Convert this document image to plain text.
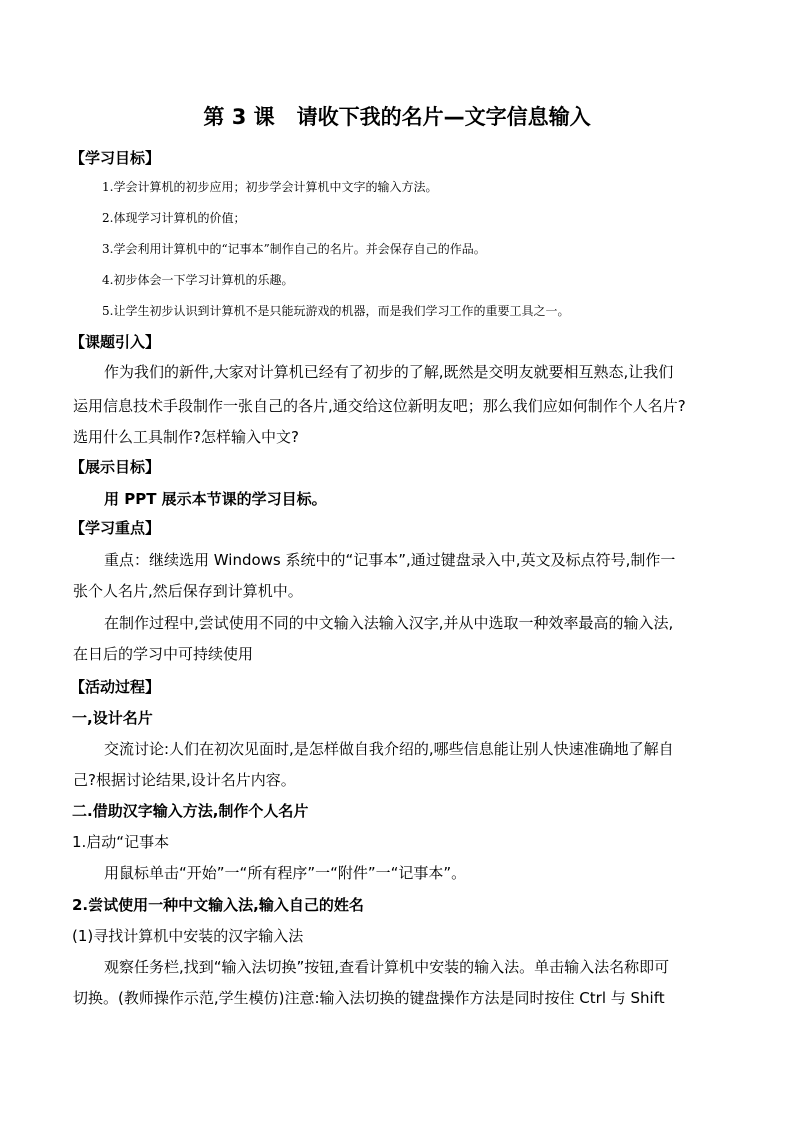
第 3 课   请收下我的名片—文字信息输入
【学习目标】
1.学会计算机的初步应用；初步学会计算机中文字的输入方法。
2.体现学习计算机的价值；
3.学会利用计算机中的“记事本”制作自己的名片。并会保存自己的作品。
4.初步体会一下学习计算机的乐趣。
5.让学生初步认识到计算机不是只能玩游戏的机器，而是我们学习工作的重要工具之一。
【课题引入】
作为我们的新件,大家对计算机已经有了初步的了解,既然是交明友就要相互熟态,让我们
运用信息技术手段制作一张自己的各片,通交给这位新明友吧；那么我们应如何制作个人名片?
选用什么工具制作?怎样输入中文?
【展示目标】
用 PPT 展示本节课的学习目标。
【学习重点】
重点：继续选用 Windows 系统中的“记事本”,通过键盘录入中,英文及标点符号,制作一
张个人名片,然后保存到计算机中。
在制作过程中,尝试使用不同的中文输入法输入汉字,并从中选取一种效率最高的输入法,
在日后的学习中可持续使用
【活动过程】
一,设计名片
交流讨论:人们在初次见面时,是怎样做自我介绍的,哪些信息能让别人快速准确地了解自
己?根据讨论结果,设计名片内容。
二.借助汉字输入方法,制作个人名片
1.启动“记事本
用鼠标单击“开始”一“所有程序”一“附件”一“记事本”。
2.尝试使用一种中文输入法,输入自己的姓名
(1)寻找计算机中安装的汉字输入法
观察任务栏,找到“输入法切换”按钮,查看计算机中安装的输入法。单击输入法名称即可
切换。(教师操作示范,学生模仿)注意:输入法切换的键盘操作方法是同时按住 Ctrl 与 Shift
